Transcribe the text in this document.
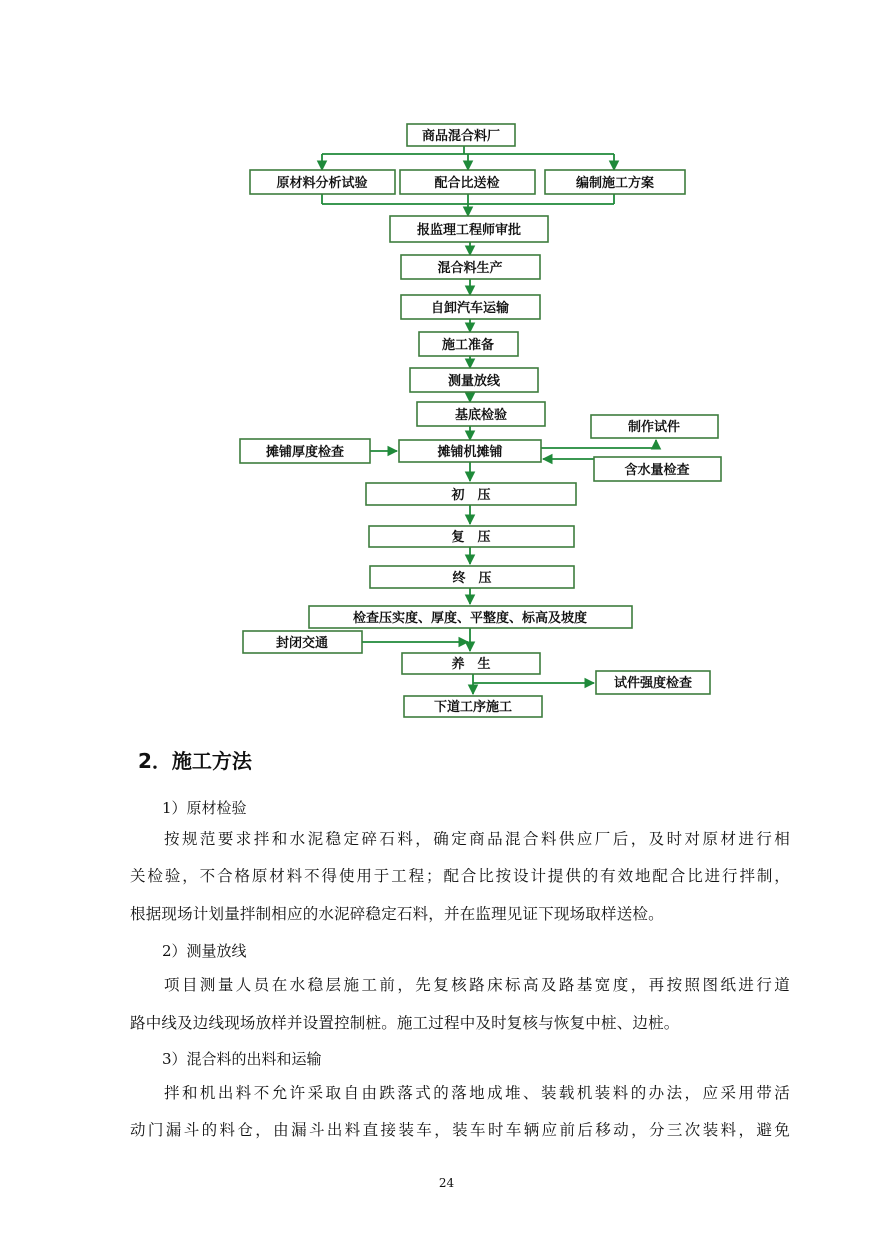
商品混合料厂
原材料分析试验	配合比送检	编制施工方案
报监理工程师审批
混合料生产
自卸汽车运输
施工准备
测量放线
基底检验
摊铺厚度检查	摊铺机摊铺
制作试件
含水量检查
初　压
复　压
终　压
检查压实度、厚度、平整度、标高及坡度
封闭交通
养　生
试件强度检查
下道工序施工
2．施工方法
1）原材检验
按规范要求拌和水泥稳定碎石料，确定商品混合料供应厂后，及时对原材进行相
关检验，不合格原材料不得使用于工程；配合比按设计提供的有效地配合比进行拌制，
根据现场计划量拌制相应的水泥碎稳定石料，并在监理见证下现场取样送检。
2）测量放线
项目测量人员在水稳层施工前，先复核路床标高及路基宽度，再按照图纸进行道
路中线及边线现场放样并设置控制桩。施工过程中及时复核与恢复中桩、边桩。
3）混合料的出料和运输
拌和机出料不允许采取自由跌落式的落地成堆、装载机装料的办法，应采用带活
动门漏斗的料仓，由漏斗出料直接装车，装车时车辆应前后移动，分三次装料，避免
24
